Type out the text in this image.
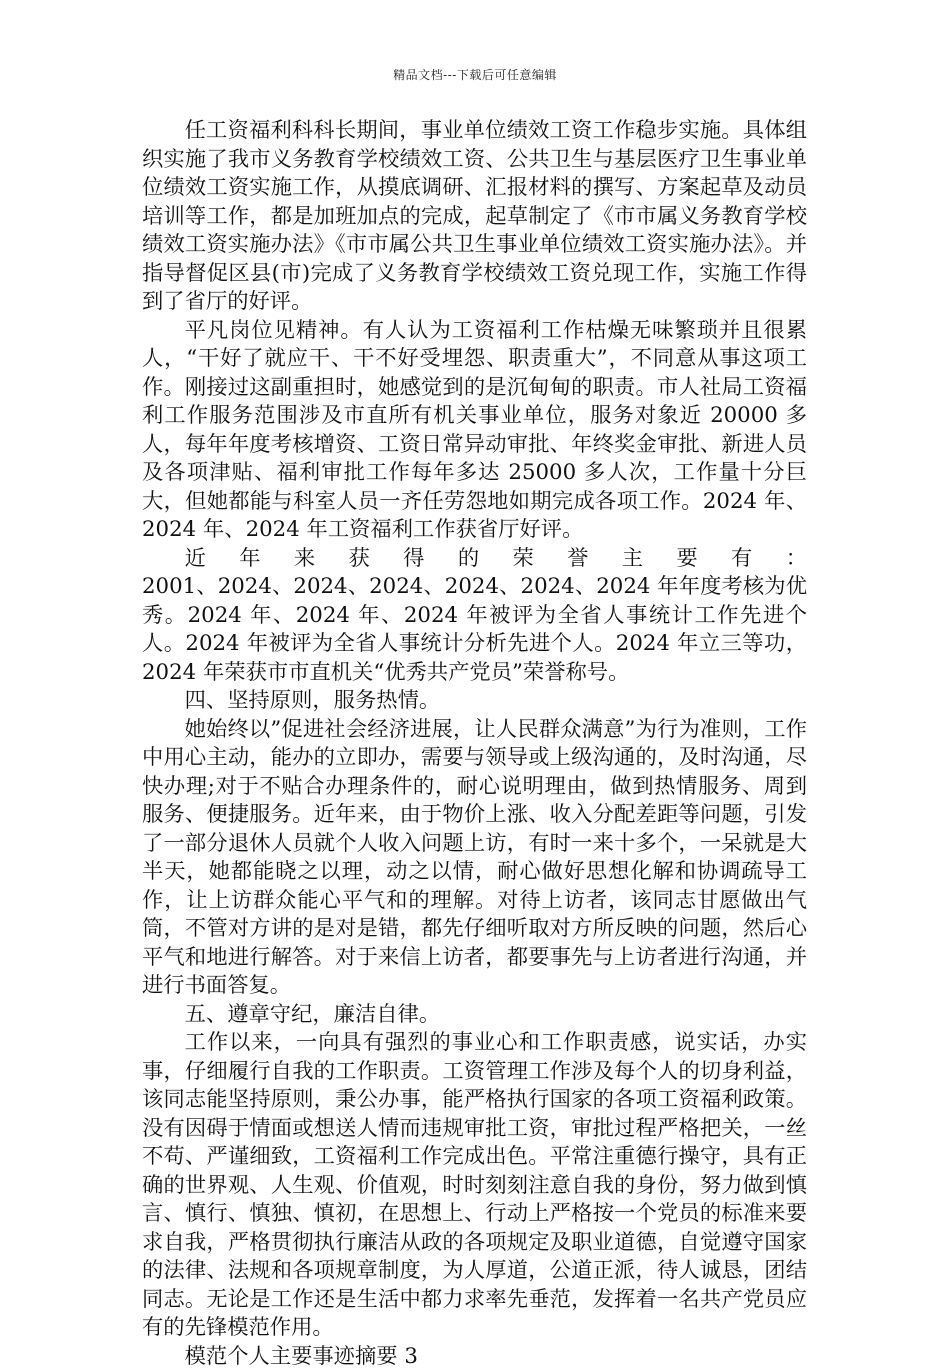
精品文档---下载后可任意编辑

任工资福利科科长期间，事业单位绩效工资工作稳步实施。具体组织实施了我市义务教育学校绩效工资、公共卫生与基层医疗卫生事业单位绩效工资实施工作，从摸底调研、汇报材料的撰写、方案起草及动员培训等工作，都是加班加点的完成，起草制定了《市市属义务教育学校绩效工资实施办法》《市市属公共卫生事业单位绩效工资实施办法》。并指导督促区县(市)完成了义务教育学校绩效工资兑现工作，实施工作得到了省厅的好评。

平凡岗位见精神。有人认为工资福利工作枯燥无味繁琐并且很累人，“干好了就应干、干不好受埋怨、职责重大”，不同意从事这项工作。刚接过这副重担时，她感觉到的是沉甸甸的职责。市人社局工资福利工作服务范围涉及市直所有机关事业单位，服务对象近 20000 多人，每年年度考核增资、工资日常异动审批、年终奖金审批、新进人员及各项津贴、福利审批工作每年多达 25000 多人次，工作量十分巨大，但她都能与科室人员一齐任劳怨地如期完成各项工作。2024 年、2024 年、2024 年工资福利工作获省厅好评。

近年来获得的荣誉主要有：

2001、2024、2024、2024、2024、2024、2024 年年度考核为优秀。2024 年、2024 年、2024 年被评为全省人事统计工作先进个人。2024 年被评为全省人事统计分析先进个人。2024 年立三等功，2024 年荣获市市直机关“优秀共产党员”荣誉称号。

四、坚持原则，服务热情。

她始终以”促进社会经济进展，让人民群众满意”为行为准则，工作中用心主动，能办的立即办，需要与领导或上级沟通的，及时沟通，尽快办理;对于不贴合办理条件的，耐心说明理由，做到热情服务、周到服务、便捷服务。近年来，由于物价上涨、收入分配差距等问题，引发了一部分退休人员就个人收入问题上访，有时一来十多个，一呆就是大半天，她都能晓之以理，动之以情，耐心做好思想化解和协调疏导工作，让上访群众能心平气和的理解。对待上访者，该同志甘愿做出气筒，不管对方讲的是对是错，都先仔细听取对方所反映的问题，然后心平气和地进行解答。对于来信上访者，都要事先与上访者进行沟通，并进行书面答复。

五、遵章守纪，廉洁自律。

工作以来，一向具有强烈的事业心和工作职责感，说实话，办实事，仔细履行自我的工作职责。工资管理工作涉及每个人的切身利益，该同志能坚持原则，秉公办事，能严格执行国家的各项工资福利政策。没有因碍于情面或想送人情而违规审批工资，审批过程严格把关，一丝不苟、严谨细致，工资福利工作完成出色。平常注重德行操守，具有正确的世界观、人生观、价值观，时时刻刻注意自我的身份，努力做到慎言、慎行、慎独、慎初，在思想上、行动上严格按一个党员的标准来要求自我，严格贯彻执行廉洁从政的各项规定及职业道德，自觉遵守国家的法律、法规和各项规章制度，为人厚道，公道正派，待人诚恳，团结同志。无论是工作还是生活中都力求率先垂范，发挥着一名共产党员应有的先锋模范作用。

模范个人主要事迹摘要 3
